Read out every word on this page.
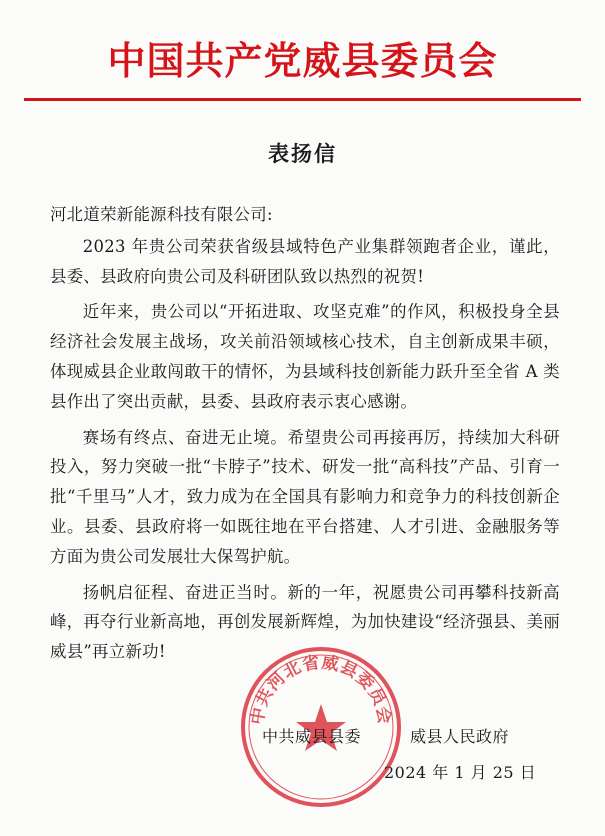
中国共产党威县委员会
表扬信

河北道荣新能源科技有限公司:

2023 年贵公司荣获省级县域特色产业集群领跑者企业，谨此，县委、县政府向贵公司及科研团队致以热烈的祝贺!

近年来，贵公司以“开拓进取、攻坚克难”的作风，积极投身全县经济社会发展主战场，攻关前沿领域核心技术，自主创新成果丰硕，体现威县企业敢闯敢干的情怀，为县域科技创新能力跃升至全省 A 类县作出了突出贡献，县委、县政府表示衷心感谢。

赛场有终点、奋进无止境。希望贵公司再接再厉，持续加大科研投入，努力突破一批“卡脖子”技术、研发一批“高科技”产品、引育一批“千里马”人才，致力成为在全国具有影响力和竞争力的科技创新企业。县委、县政府将一如既往地在平台搭建、人才引进、金融服务等方面为贵公司发展壮大保驾护航。

扬帆启征程、奋进正当时。新的一年，祝愿贵公司再攀科技新高峰，再夺行业新高地，再创发展新辉煌，为加快建设“经济强县、美丽威县”再立新功!

中共河北省威县委员会
中共威县县委	威县人民政府
2024 年 1 月 25 日
